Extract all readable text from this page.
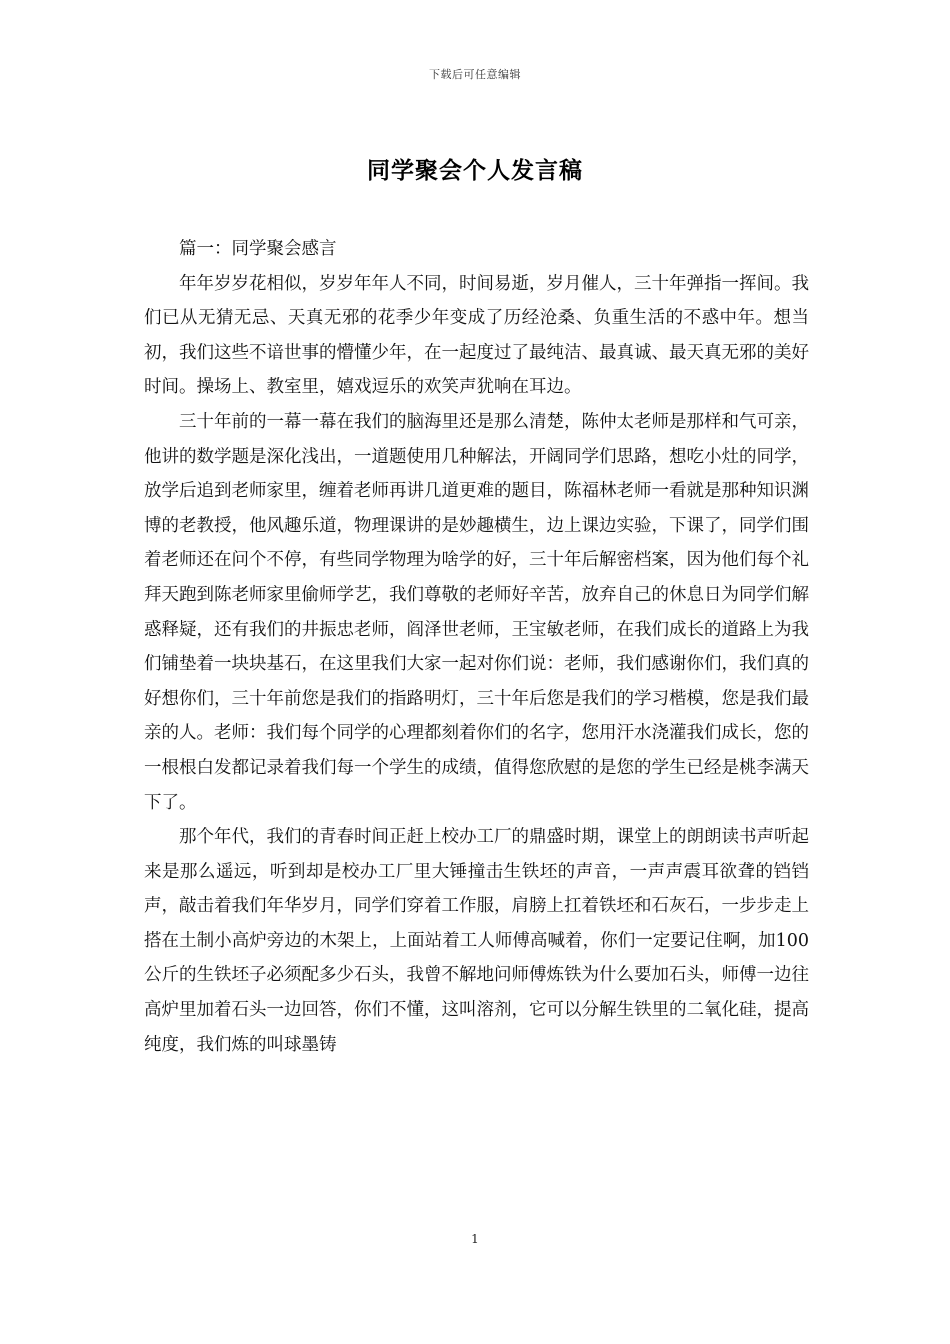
下载后可任意编辑
同学聚会个人发言稿

篇一：同学聚会感言

年年岁岁花相似，岁岁年年人不同，时间易逝，岁月催人，三十年弹指一挥间。我们已从无猜无忌、天真无邪的花季少年变成了历经沧桑、负重生活的不惑中年。想当初，我们这些不谙世事的懵懂少年，在一起度过了最纯洁、最真诚、最天真无邪的美好时间。操场上、教室里，嬉戏逗乐的欢笑声犹响在耳边。

三十年前的一幕一幕在我们的脑海里还是那么清楚，陈仲太老师是那样和气可亲，他讲的数学题是深化浅出，一道题使用几种解法，开阔同学们思路，想吃小灶的同学，放学后追到老师家里，缠着老师再讲几道更难的题目，陈福林老师一看就是那种知识渊博的老教授，他风趣乐道，物理课讲的是妙趣横生，边上课边实验，下课了，同学们围着老师还在问个不停，有些同学物理为啥学的好，三十年后解密档案，因为他们每个礼拜天跑到陈老师家里偷师学艺，我们尊敬的老师好辛苦，放弃自己的休息日为同学们解惑释疑，还有我们的井振忠老师，阎泽世老师，王宝敏老师，在我们成长的道路上为我们铺垫着一块块基石，在这里我们大家一起对你们说：老师，我们感谢你们，我们真的好想你们，三十年前您是我们的指路明灯，三十年后您是我们的学习楷模，您是我们最亲的人。老师：我们每个同学的心理都刻着你们的名字，您用汗水浇灌我们成长，您的一根根白发都记录着我们每一个学生的成绩，值得您欣慰的是您的学生已经是桃李满天下了。

那个年代，我们的青春时间正赶上校办工厂的鼎盛时期，课堂上的朗朗读书声听起来是那么遥远，听到却是校办工厂里大锤撞击生铁坯的声音，一声声震耳欲聋的铛铛声，敲击着我们年华岁月，同学们穿着工作服，肩膀上扛着铁坯和石灰石，一步步走上搭在土制小高炉旁边的木架上，上面站着工人师傅高喊着，你们一定要记住啊，加100公斤的生铁坯子必须配多少石头，我曾不解地问师傅炼铁为什么要加石头，师傅一边往高炉里加着石头一边回答，你们不懂，这叫溶剂，它可以分解生铁里的二氧化硅，提高纯度，我们炼的叫球墨铸

1
